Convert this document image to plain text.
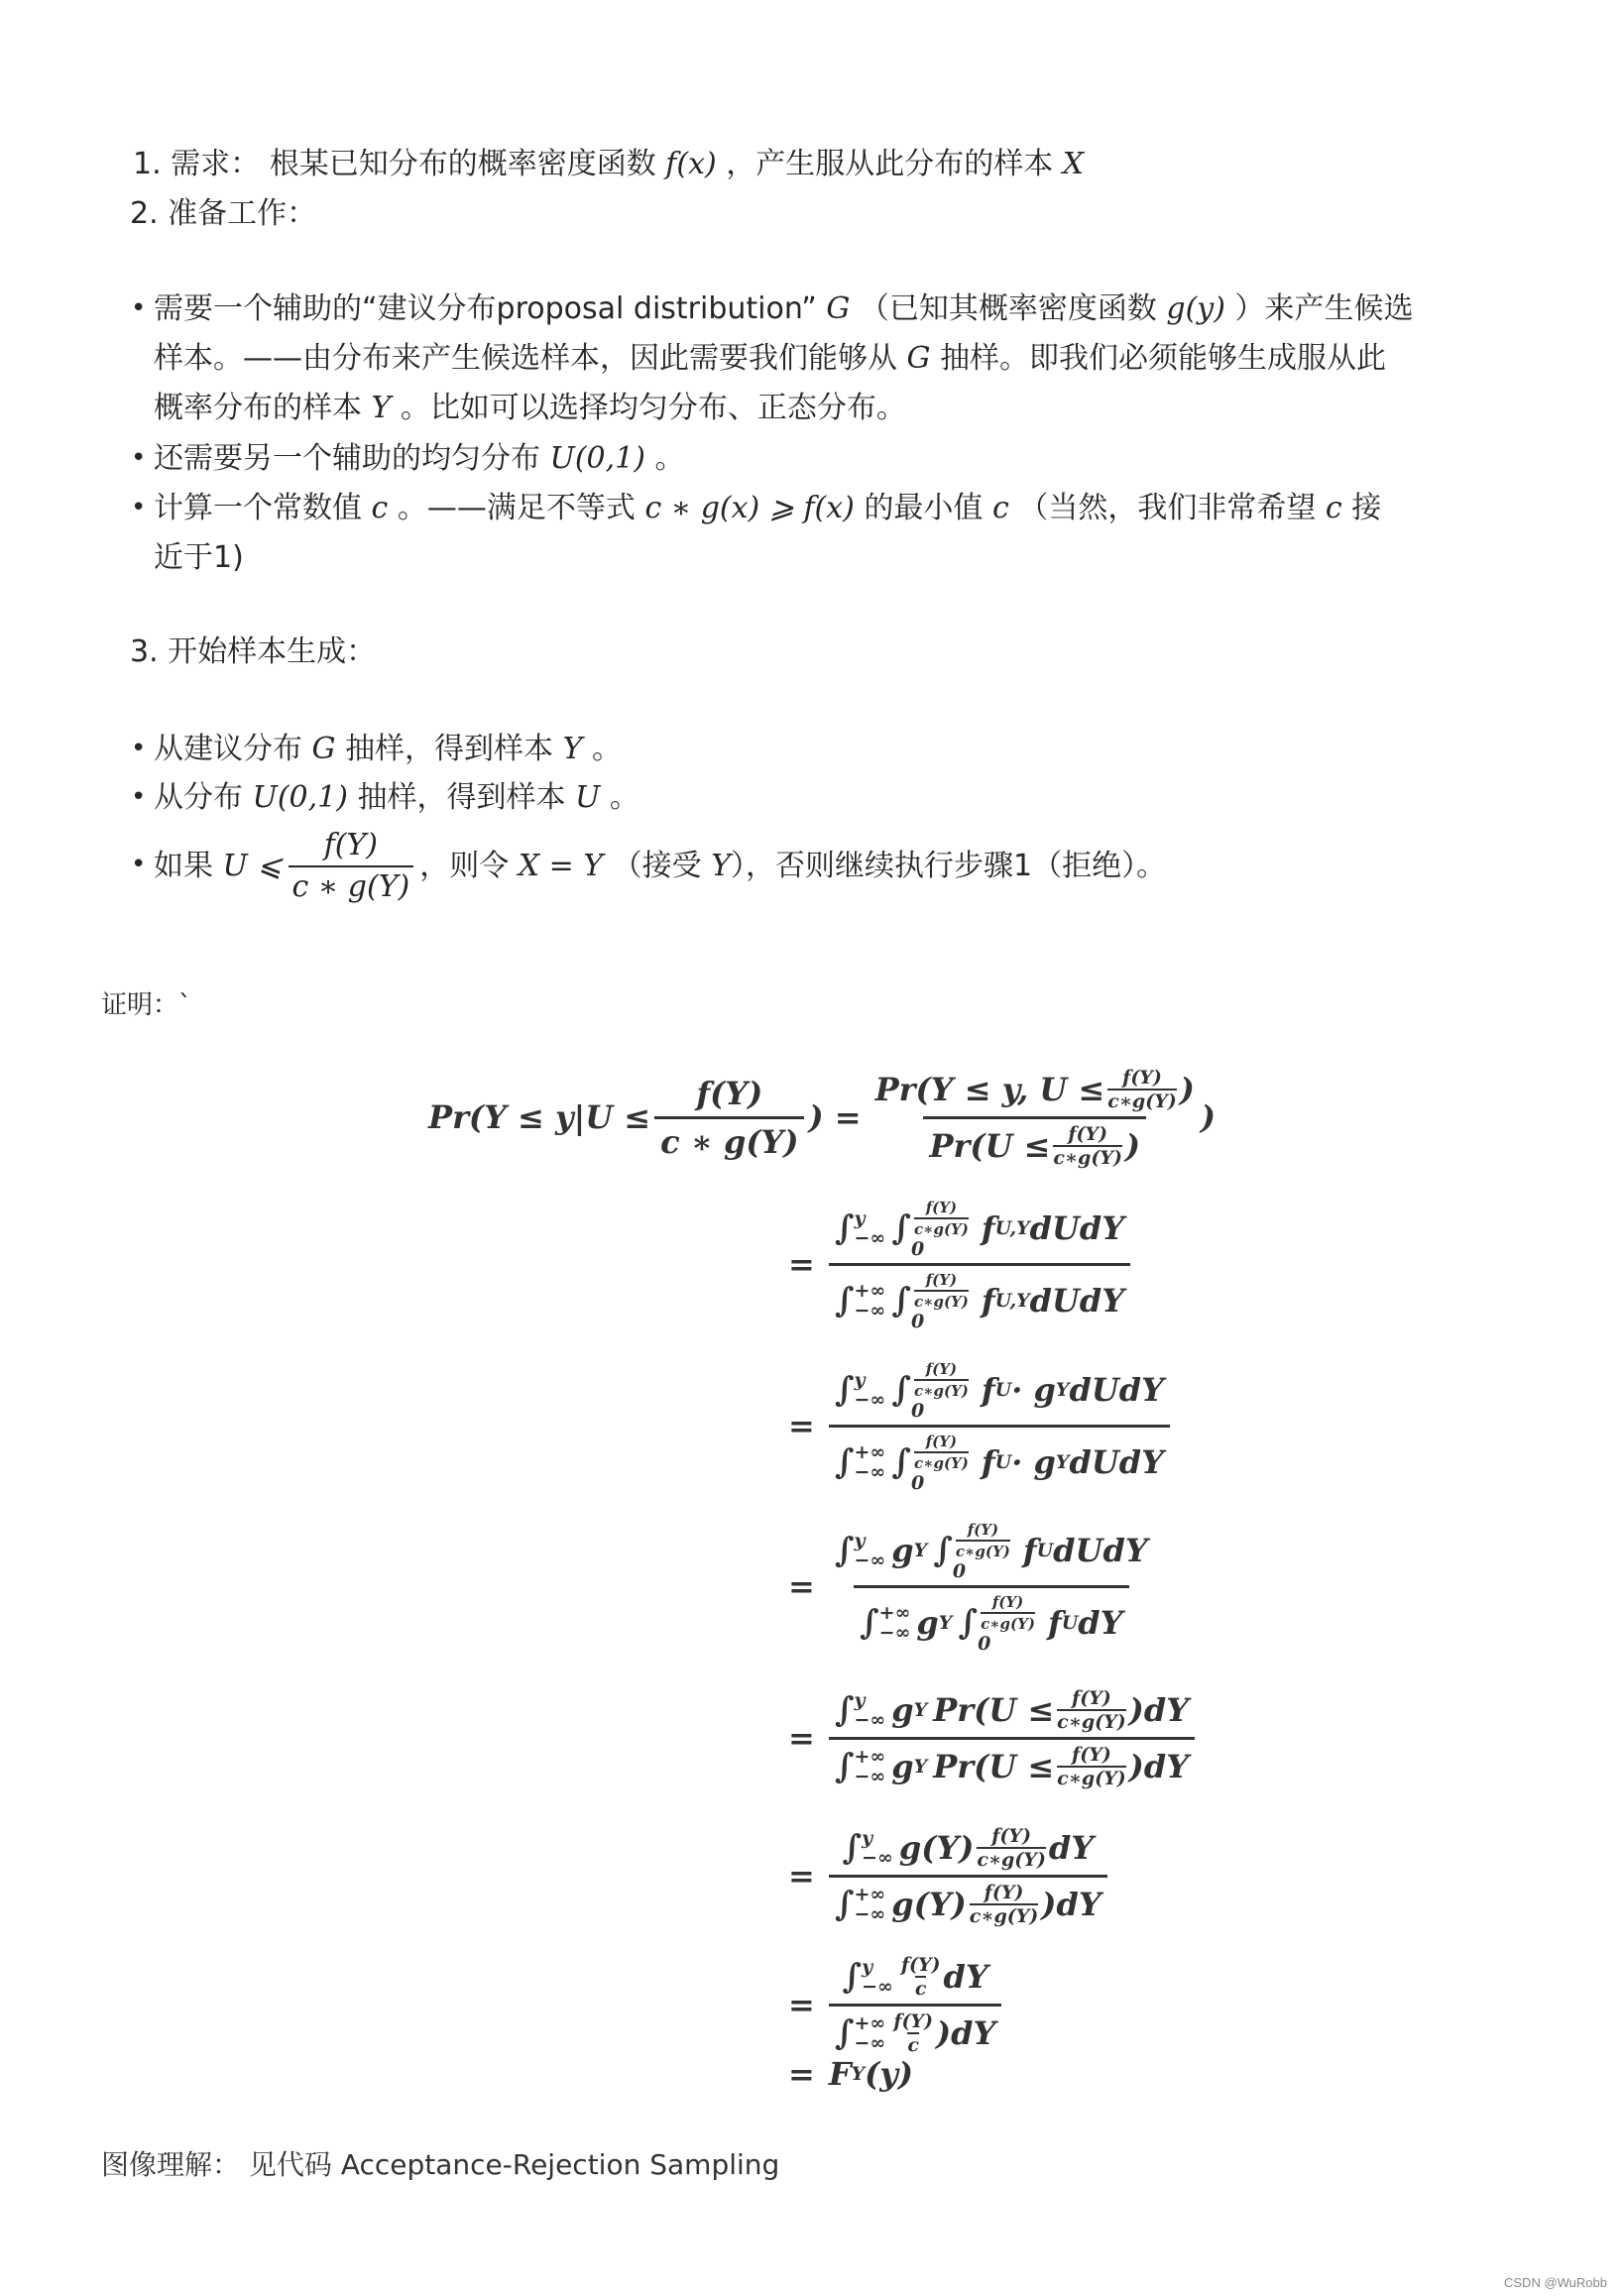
1. 需求： 根某已知分布的概率密度函数 f(x) ，产生服从此分布的样本 X
2. 准备工作：
• 需要一个辅助的“建议分布proposal distribution” G （已知其概率密度函数 g(y) ）来产生候选
样本。——由分布来产生候选样本，因此需要我们能够从 G 抽样。即我们必须能够生成服从此
概率分布的样本 Y 。比如可以选择均匀分布、正态分布。
• 还需要另一个辅助的均匀分布 U(0,1) 。
• 计算一个常数值 c 。——满足不等式 c ∗ g(x) ⩾ f(x) 的最小值 c （当然，我们非常希望 c 接
近于1)
3. 开始样本生成：
• 从建议分布 G 抽样，得到样本 Y 。
• 从分布 U(0,1) 抽样，得到样本 U 。
• 如果
U ⩽ $\frac{f(Y)}{c ∗ g(Y)}$ ，则令
X = Y
（接受
Y ），否则继续执行步骤1（拒绝）。
证明：`
$Pr(Y \le y|U \le \frac{f(Y)}{c ∗ g(Y)}$ ) = $\frac{Pr(Y \le y, U \le \frac{f(Y)}{c∗g(Y)} )}{Pr(U \le \frac{f(Y)}{c∗g(Y)} )}$ )
=
∫ y
−∞ ∫
f(Y)
c∗g(Y)
0
f U,Y dUdY
∫ +∞
−∞ ∫
f(Y)
c∗g(Y)
0
f U,Y dUdY
=
∫ y
−∞ ∫
f(Y)
c∗g(Y)
0
f U · g Y dUdY
∫ +∞
−∞ ∫
f(Y)
c∗g(Y)
0
f U · g Y dUdY
=
∫ y
−∞ g Y ∫
f(Y)
c∗g(Y)
0
f U dUdY
∫ +∞
−∞ g Y ∫
f(Y)
c∗g(Y)
0
f U dY
= ∫ y
−∞ g Y $Pr(U \le \frac{f(Y)}{c∗g(Y)} )dY$
∫ +∞
−∞ g Y $Pr(U \le \frac{f(Y)}{c∗g(Y)} )dY$
= ∫ y
−∞ g(Y) f(Y)
c∗g(Y) dY
∫ +∞
−∞ g(Y) f(Y)
c∗g(Y) )dY
= ∫ y
−∞
f(Y)
c dY
∫ +∞
−∞
f(Y)
c )dY
= F Y (y)
图像理解： 见代码 Acceptance-Rejection Sampling
CSDN @WuRobb
